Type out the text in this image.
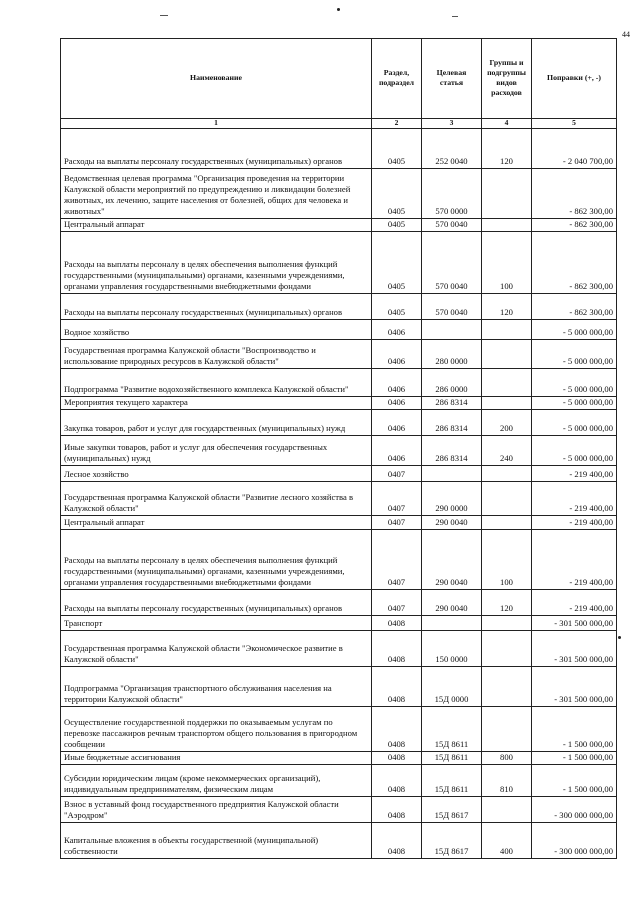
44
Наименование	Раздел, подраздел	Целевая статья	Группы и подгруппы видов расходов	Поправки (+, -)
1	2	3	4	5
Расходы на выплаты персоналу государственных (муниципальных) органов	0405	252 0040	120	- 2 040 700,00
Ведомственная целевая программа "Организация проведения на территории Калужской области мероприятий по предупреждению и ликвидации болезней животных, их лечению, защите населения от болезней, общих для человека и животных"	0405	570 0000		- 862 300,00
Центральный аппарат	0405	570 0040		- 862 300,00
Расходы на выплаты персоналу в целях обеспечения выполнения функций государственными (муниципальными) органами, казенными учреждениями, органами управления государственными внебюджетными фондами	0405	570 0040	100	- 862 300,00
Расходы на выплаты персоналу государственных (муниципальных) органов	0405	570 0040	120	- 862 300,00
Водное хозяйство	0406			- 5 000 000,00
Государственная программа Калужской области "Воспроизводство и использование природных ресурсов в Калужской области"	0406	280 0000		- 5 000 000,00
Подпрограмма "Развитие водохозяйственного комплекса Калужской области"	0406	286 0000		- 5 000 000,00
Мероприятия текущего характера	0406	286 8314		- 5 000 000,00
Закупка товаров, работ и услуг для государственных (муниципальных) нужд	0406	286 8314	200	- 5 000 000,00
Иные закупки товаров, работ и услуг для обеспечения государственных (муниципальных) нужд	0406	286 8314	240	- 5 000 000,00
Лесное хозяйство	0407			- 219 400,00
Государственная программа Калужской области "Развитие лесного хозяйства в Калужской области"	0407	290 0000		- 219 400,00
Центральный аппарат	0407	290 0040		- 219 400,00
Расходы на выплаты персоналу в целях обеспечения выполнения функций государственными (муниципальными) органами, казенными учреждениями, органами управления государственными внебюджетными фондами	0407	290 0040	100	- 219 400,00
Расходы на выплаты персоналу государственных (муниципальных) органов	0407	290 0040	120	- 219 400,00
Транспорт	0408			- 301 500 000,00
Государственная программа Калужской области "Экономическое развитие в Калужской области"	0408	150 0000		- 301 500 000,00
Подпрограмма "Организация транспортного обслуживания населения на территории Калужской области"	0408	15Д 0000		- 301 500 000,00
Осуществление государственной поддержки по оказываемым услугам по перевозке пассажиров речным транспортом общего пользования в пригородном сообщении	0408	15Д 8611		- 1 500 000,00
Иные бюджетные ассигнования	0408	15Д 8611	800	- 1 500 000,00
Субсидии юридическим лицам (кроме некоммерческих организаций), индивидуальным предпринимателям, физическим лицам	0408	15Д 8611	810	- 1 500 000,00
Взнос в уставный фонд государственного предприятия Калужской области "Аэродром"	0408	15Д 8617		- 300 000 000,00
Капитальные вложения в объекты государственной (муниципальной) собственности	0408	15Д 8617	400	- 300 000 000,00
